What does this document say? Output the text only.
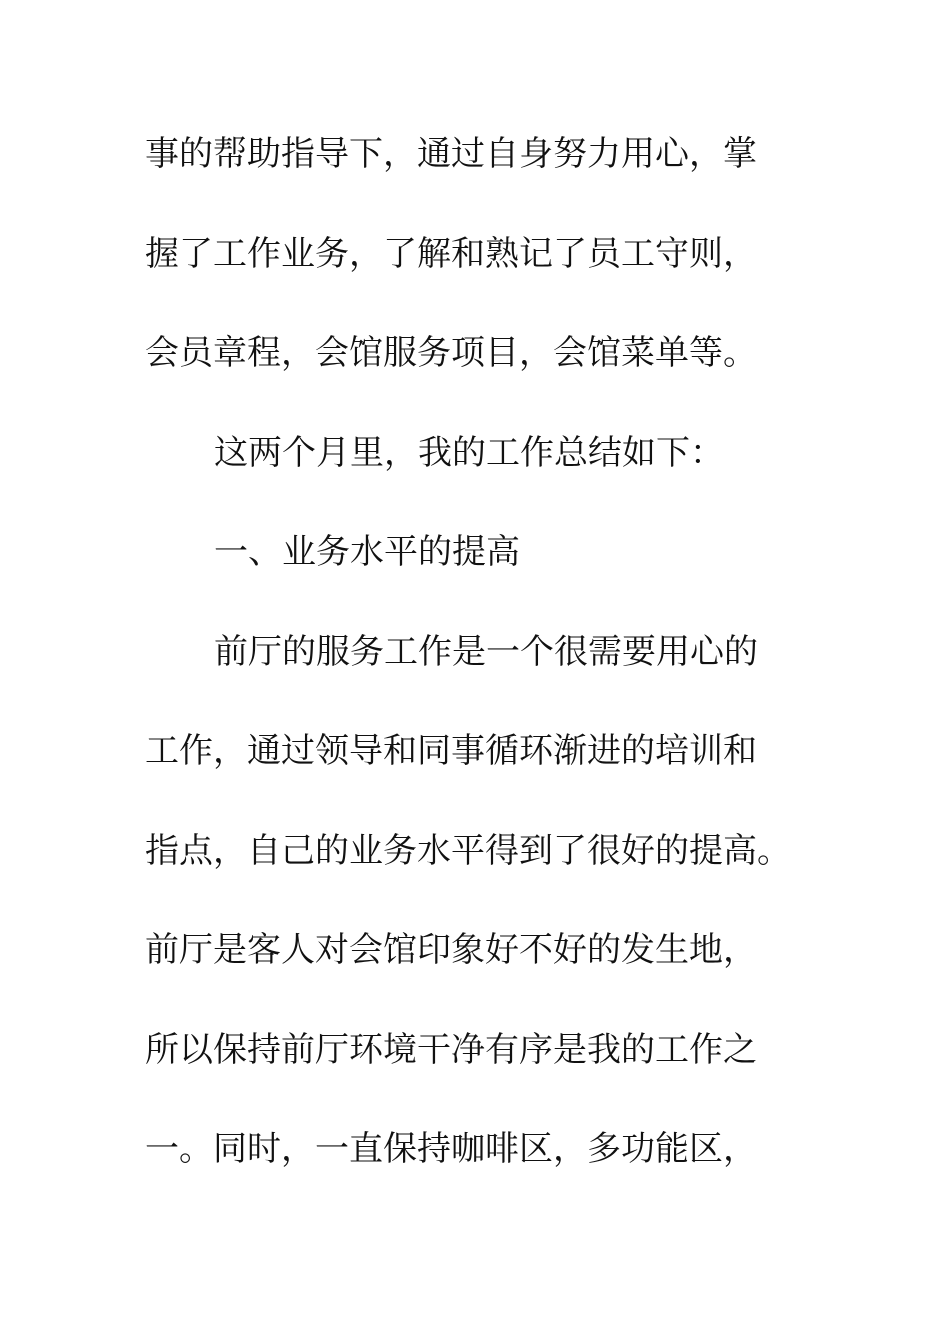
事的帮助指导下，通过自身努力用心，掌
握了工作业务，了解和熟记了员工守则，
会员章程，会馆服务项目，会馆菜单等。
这两个月里，我的工作总结如下：
一、业务水平的提高
前厅的服务工作是一个很需要用心的
工作，通过领导和同事循环渐进的培训和
指点，自己的业务水平得到了很好的提高。
前厅是客人对会馆印象好不好的发生地，
所以保持前厅环境干净有序是我的工作之
一。同时，一直保持咖啡区，多功能区，
